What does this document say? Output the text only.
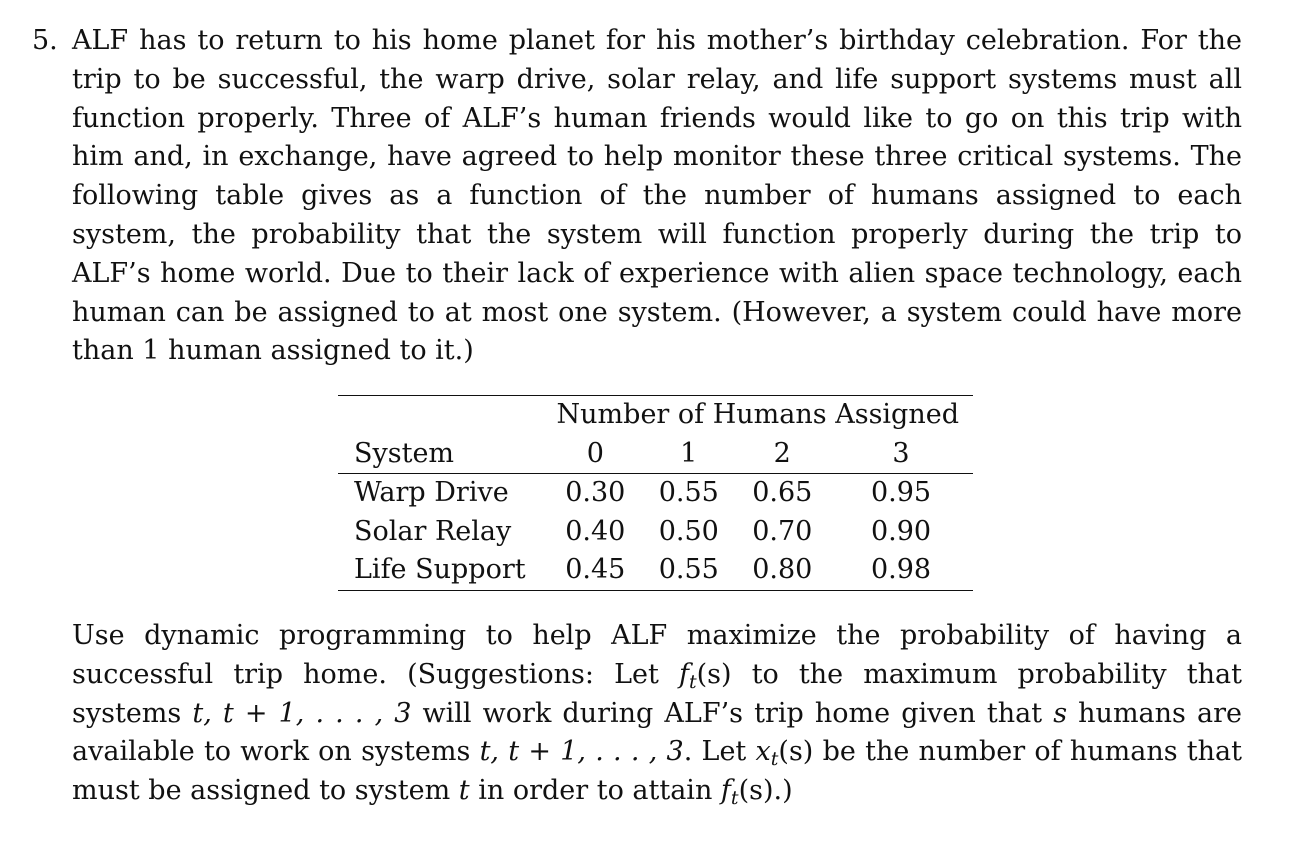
5. ALF has to return to his home planet for his mother’s birthday celebration. For the trip to be successful, the warp drive, solar relay, and life support systems must all function properly. Three of ALF’s human friends would like to go on this trip with him and, in exchange, have agreed to help monitor these three critical systems. The following table gives as a function of the number of humans assigned to each system, the probability that the system will function properly during the trip to ALF’s home world. Due to their lack of experience with alien space technology, each human can be assigned to at most one system. (However, a system could have more than 1 human assigned to it.)

Use dynamic programming to help ALF maximize the probability of having a successful trip home. (Suggestions: Let $f_t(s)$ to the maximum probability that systems t, t + 1, . . . , 3 will work during ALF’s trip home given that s humans are available to work on systems t, t + 1, . . . , 3. Let $x_t(s)$ be the number of humans that must be assigned to system t in order to attain $f_t(s)$.)

	Number of Humans Assigned			
System	0	1	2	3
Warp Drive	0.30	0.55	0.65	0.95
Solar Relay	0.40	0.50	0.70	0.90
Life Support	0.45	0.55	0.80	0.98
